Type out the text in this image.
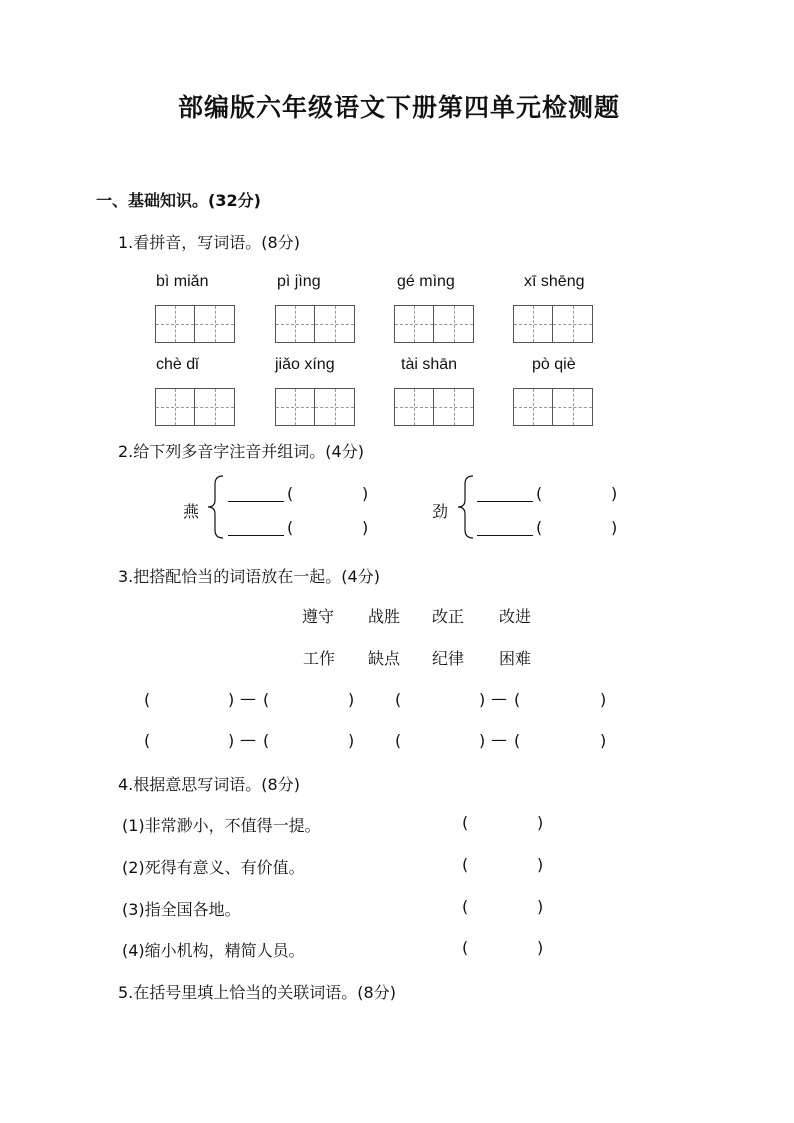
部编版六年级语文下册第四单元检测题
一、基础知识。(32分)
1.看拼音，写词语。(8分)
bì miǎn	pì jìng	gé mìng	xī shēng
chè dǐ	jiǎo xíng	tài shān	pò qiè
2.给下列多音字注音并组词。(4分)
燕
(	)
(	)
劲
(	)
(	)
3.把搭配恰当的词语放在一起。(4分)
遵守 战胜 改正 改进
工作 缺点 纪律 困难
(	) — (	)	(	) — (	)
(	) — (	)	(	) — (	)
4.根据意思写词语。(8分)
(1)非常渺小，不值得一提。	(	)
(2)死得有意义、有价值。	(	)
(3)指全国各地。	(	)
(4)缩小机构，精简人员。	(	)
5.在括号里填上恰当的关联词语。(8分)
